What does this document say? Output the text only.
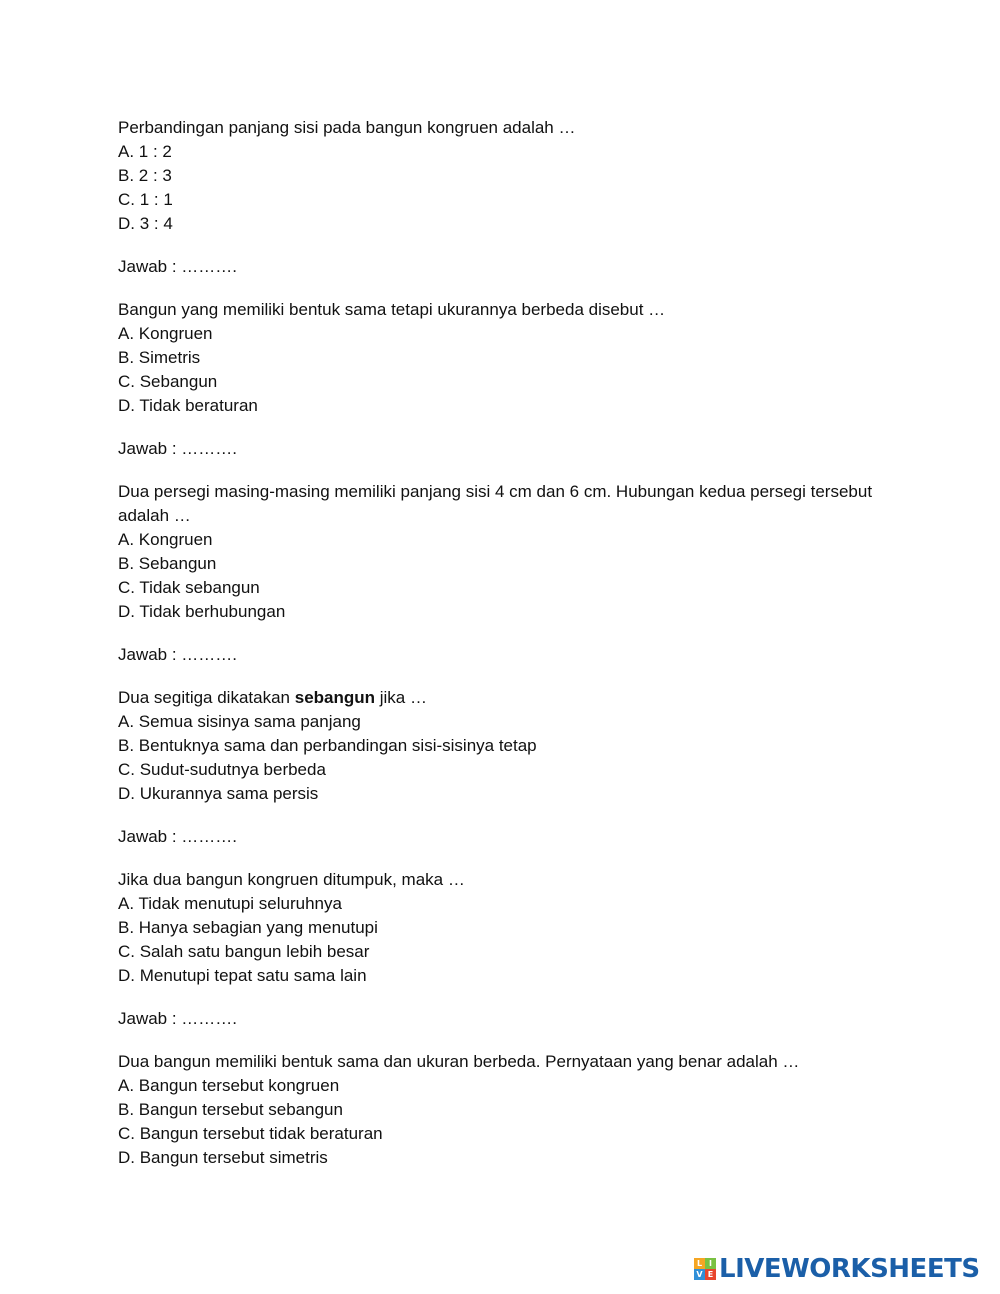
Perbandingan panjang sisi pada bangun kongruen adalah …

A. 1 : 2

B. 2 : 3

C. 1 : 1

D. 3 : 4

Jawab : ……….

Bangun yang memiliki bentuk sama tetapi ukurannya berbeda disebut …

A. Kongruen

B. Simetris

C. Sebangun

D. Tidak beraturan

Jawab : ……….

Dua persegi masing-masing memiliki panjang sisi 4 cm dan 6 cm. Hubungan kedua persegi tersebut adalah …

A. Kongruen

B. Sebangun

C. Tidak sebangun

D. Tidak berhubungan

Jawab : ……….

Dua segitiga dikatakan sebangun jika …

A. Semua sisinya sama panjang

B. Bentuknya sama dan perbandingan sisi-sisinya tetap

C. Sudut-sudutnya berbeda

D. Ukurannya sama persis

Jawab : ……….

Jika dua bangun kongruen ditumpuk, maka …

A. Tidak menutupi seluruhnya

B. Hanya sebagian yang menutupi

C. Salah satu bangun lebih besar

D. Menutupi tepat satu sama lain

Jawab : ……….

Dua bangun memiliki bentuk sama dan ukuran berbeda. Pernyataan yang benar adalah …

A. Bangun tersebut kongruen

B. Bangun tersebut sebangun

C. Bangun tersebut tidak beraturan

D. Bangun tersebut simetris

L I
V E LIVEWORKSHEETS
